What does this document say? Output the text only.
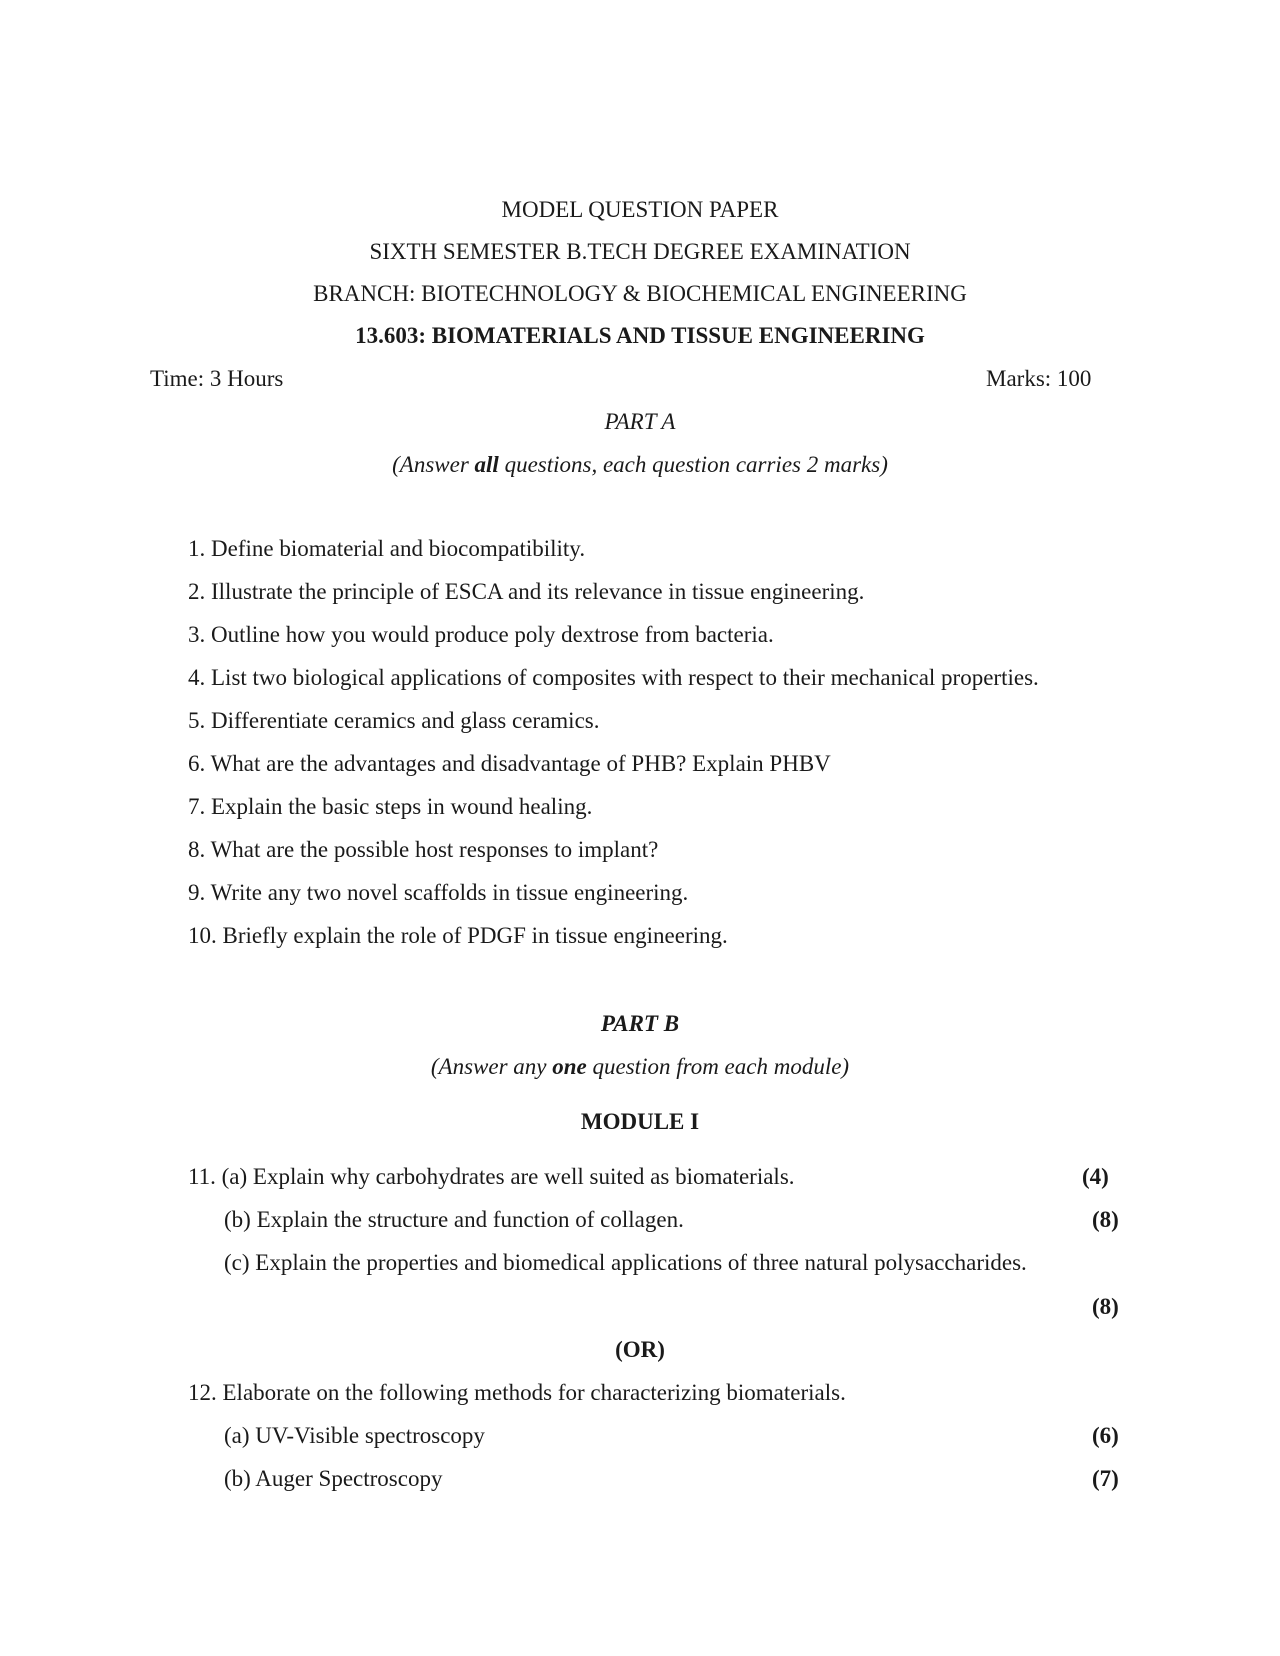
MODEL QUESTION PAPER
SIXTH SEMESTER B.TECH DEGREE EXAMINATION
BRANCH: BIOTECHNOLOGY & BIOCHEMICAL ENGINEERING
13.603: BIOMATERIALS AND TISSUE ENGINEERING
Time: 3 Hours	Marks: 100
PART A
(Answer all questions, each question carries 2 marks)
1. Define biomaterial and biocompatibility.
2. Illustrate the principle of ESCA and its relevance in tissue engineering.
3. Outline how you would produce poly dextrose from bacteria.
4. List two biological applications of composites with respect to their mechanical properties.
5. Differentiate ceramics and glass ceramics.
6. What are the advantages and disadvantage of PHB? Explain PHBV
7. Explain the basic steps in wound healing.
8. What are the possible host responses to implant?
9. Write any two novel scaffolds in tissue engineering.
10. Briefly explain the role of PDGF in tissue engineering.
PART B
(Answer any one question from each module)
MODULE I
11. (a) Explain why carbohydrates are well suited as biomaterials.	(4)
(b) Explain the structure and function of collagen.	(8)
(c) Explain the properties and biomedical applications of three natural polysaccharides.
(8)
(OR)
12. Elaborate on the following methods for characterizing biomaterials.
(a) UV-Visible spectroscopy	(6)
(b) Auger Spectroscopy	(7)
